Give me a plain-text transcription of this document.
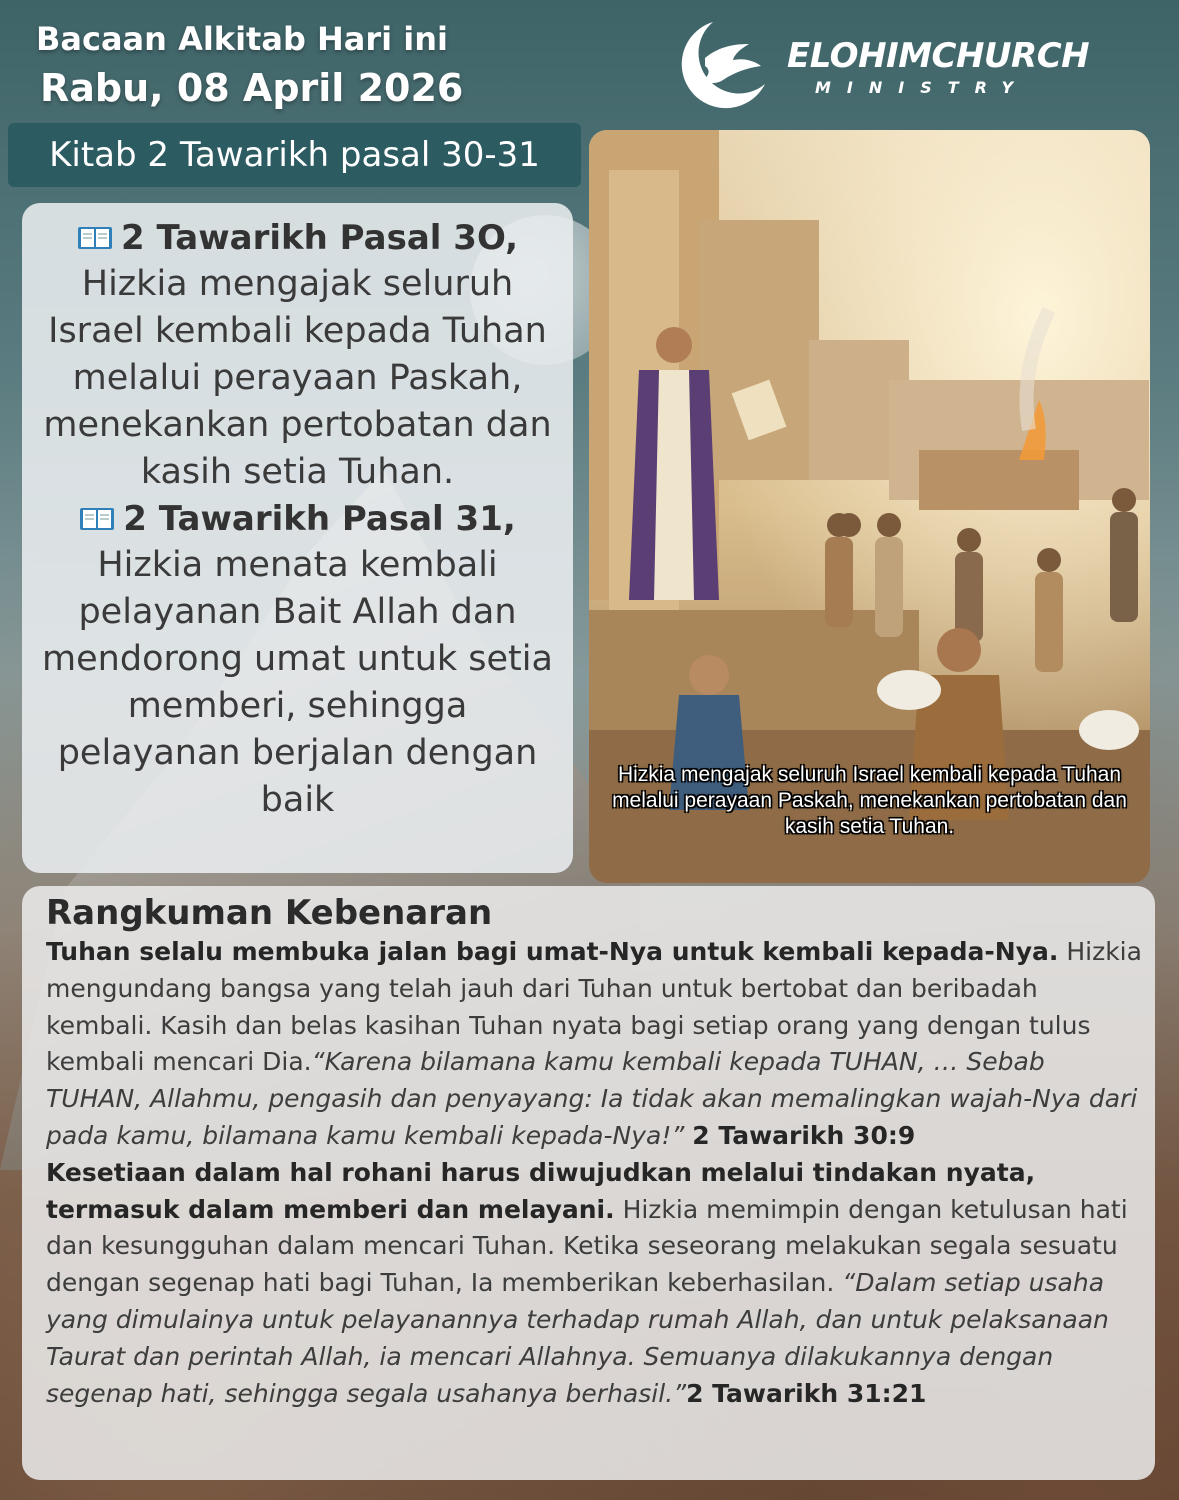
Bacaan Alkitab Hari ini
Rabu, 08 April 2026
ELOHIMCHURCH
MINISTRY
Kitab 2 Tawarikh pasal 30-31
2 Tawarikh Pasal 3O,
Hizkia mengajak seluruh Israel kembali kepada Tuhan melalui perayaan Paskah, menekankan pertobatan dan kasih setia Tuhan.
2 Tawarikh Pasal 31,
Hizkia menata kembali pelayanan Bait Allah dan mendorong umat untuk setia memberi, sehingga pelayanan berjalan dengan baik
Hizkia mengajak seluruh Israel kembali kepada Tuhan melalui perayaan Paskah, menekankan pertobatan dan kasih setia Tuhan.
Rangkuman Kebenaran
Tuhan selalu membuka jalan bagi umat-Nya untuk kembali kepada-Nya. Hizkia mengundang bangsa yang telah jauh dari Tuhan untuk bertobat dan beribadah kembali. Kasih dan belas kasihan Tuhan nyata bagi setiap orang yang dengan tulus kembali mencari Dia.“Karena bilamana kamu kembali kepada TUHAN, … Sebab TUHAN, Allahmu, pengasih dan penyayang: Ia tidak akan memalingkan wajah-Nya dari pada kamu, bilamana kamu kembali kepada-Nya!” 2 Tawarikh 30:9
Kesetiaan dalam hal rohani harus diwujudkan melalui tindakan nyata, termasuk dalam memberi dan melayani. Hizkia memimpin dengan ketulusan hati dan kesungguhan dalam mencari Tuhan. Ketika seseorang melakukan segala sesuatu dengan segenap hati bagi Tuhan, Ia memberikan keberhasilan. “Dalam setiap usaha yang dimulainya untuk pelayanannya terhadap rumah Allah, dan untuk pelaksanaan Taurat dan perintah Allah, ia mencari Allahnya. Semuanya dilakukannya dengan segenap hati, sehingga segala usahanya berhasil.”2 Tawarikh 31:21
